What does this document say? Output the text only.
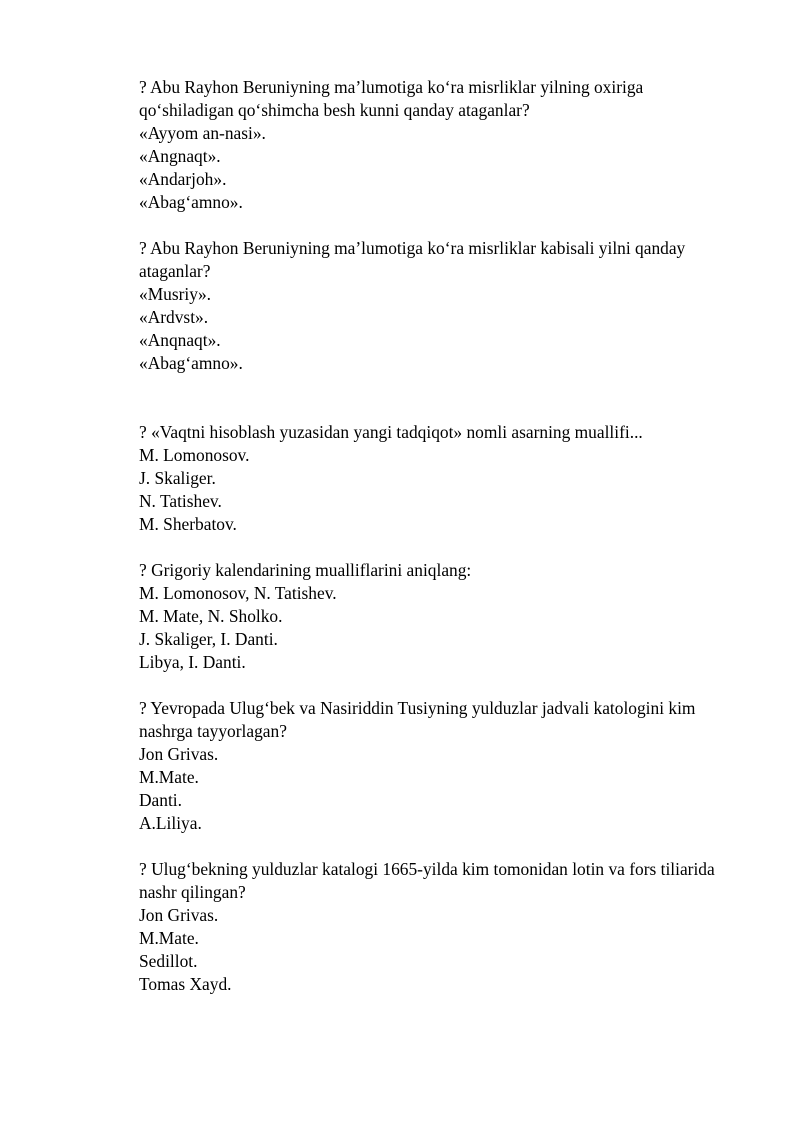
? Abu Rayhon Beruniyning ma’lumotiga ko‘ra misrliklar yilning oxiriga qo‘shiladigan qo‘shimcha besh kunni qanday ataganlar?

«Ayyom an-nasi».

«Angnaqt».

«Andarjoh».

«Abag‘amno».

? Abu Rayhon Beruniyning ma’lumotiga ko‘ra misrliklar kabisali yilni qanday ataganlar?

«Musriy».

«Ardvst».

«Anqnaqt».

«Abag‘amno».

? «Vaqtni hisoblash yuzasidan yangi tadqiqot» nomli asarning muallifi...

M. Lomonosov.

J. Skaliger.

N. Tatishev.

M. Sherbatov.

? Grigoriy kalendarining mualliflarini aniqlang:

M. Lomonosov, N. Tatishev.

M. Mate, N. Sholko.

J. Skaliger, I. Danti.

Libya, I. Danti.

? Yevropada Ulug‘bek va Nasiriddin Tusiyning yulduzlar jadvali katologini kim nashrga tayyorlagan?

Jon Grivas.

M.Mate.

Danti.

A.Liliya.

? Ulug‘bekning yulduzlar katalogi 1665-yilda kim tomonidan lotin va fors tiliarida nashr qilingan?

Jon Grivas.

M.Mate.

Sedillot.

Tomas Xayd.
